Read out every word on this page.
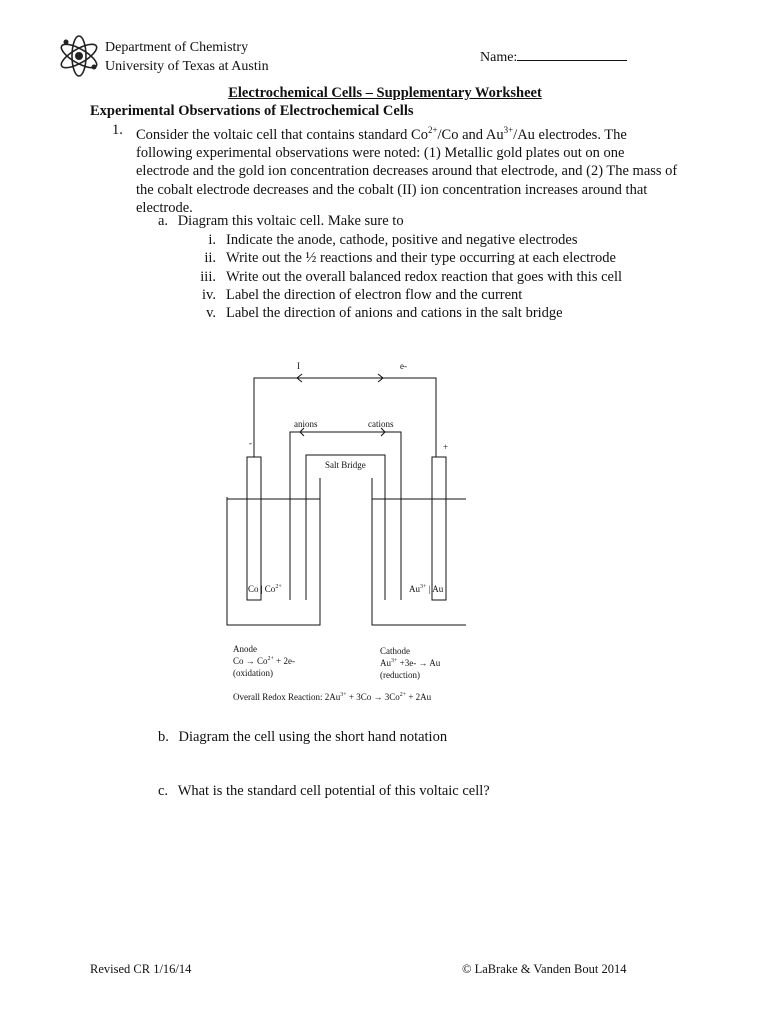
Department of Chemistry
University of Texas at Austin
Name:
Electrochemical Cells – Supplementary Worksheet
Experimental Observations of Electrochemical Cells
1. Consider the voltaic cell that contains standard $Co^{2+}/Co$ and $Au^{3+}/Au$ electrodes. The following experimental observations were noted: (1) Metallic gold plates out on one electrode and the gold ion concentration decreases around that electrode, and (2) The mass of the cobalt electrode decreases and the cobalt (II) ion concentration increases around that electrode.
a. Diagram this voltaic cell. Make sure to
i. Indicate the anode, cathode, positive and negative electrodes
ii. Write out the ½ reactions and their type occurring at each electrode
iii. Write out the overall balanced redox reaction that goes with this cell
iv. Label the direction of electron flow and the current
v. Label the direction of anions and cations in the salt bridge
I	e-
anions	cations
-	+
Salt Bridge
Co | $Co^{2+}$	$Au^{3+}$ | Au
Anode
$Co \to Co^{2+} + 2e-$
(oxidation)
Cathode
$Au^{3+} +3e- \to Au$
(reduction)
Overall Redox Reaction: $2Au^{3+} + 3Co \to 3Co^{2+} + 2Au$
b. Diagram the cell using the short hand notation
c. What is the standard cell potential of this voltaic cell?
Revised CR 1/16/14	© LaBrake & Vanden Bout 2014
